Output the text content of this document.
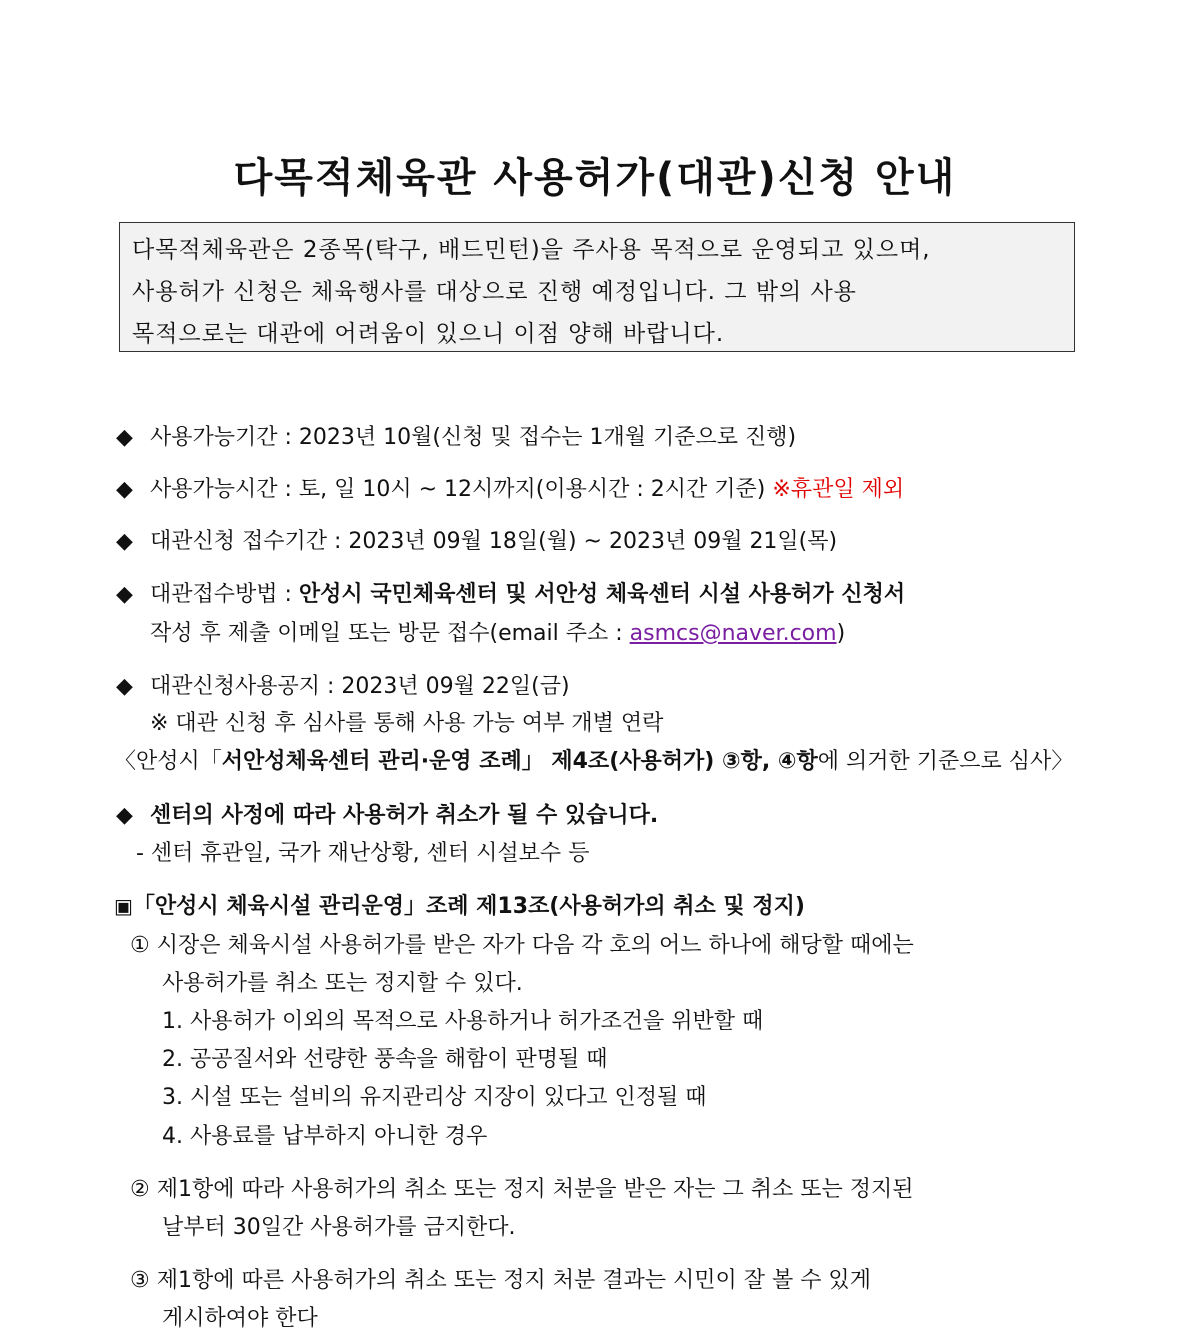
다목적체육관 사용허가(대관)신청 안내
다목적체육관은 2종목(탁구, 배드민턴)을 주사용 목적으로 운영되고 있으며,
사용허가 신청은 체육행사를 대상으로 진행 예정입니다. 그 밖의 사용
목적으로는 대관에 어려움이 있으니 이점 양해 바랍니다.
◆ 사용가능기간 : 2023년 10월(신청 및 접수는 1개월 기준으로 진행)
◆ 사용가능시간 : 토, 일 10시 ~ 12시까지(이용시간 : 2시간 기준) ※휴관일 제외
◆ 대관신청 접수기간 : 2023년 09월 18일(월) ~ 2023년 09월 21일(목)
◆ 대관접수방법 : 안성시 국민체육센터 및 서안성 체육센터 시설 사용허가 신청서
작성 후 제출 이메일 또는 방문 접수(email 주소 : asmcs@naver.com)
◆ 대관신청사용공지 : 2023년 09월 22일(금)
※ 대관 신청 후 심사를 통해 사용 가능 여부 개별 연락
〈안성시「서안성체육센터 관리·운영 조례」 제4조(사용허가) ③항, ④항에 의거한 기준으로 심사〉
◆ 센터의 사정에 따라 사용허가 취소가 될 수 있습니다.
- 센터 휴관일, 국가 재난상황, 센터 시설보수 등
▣「안성시 체육시설 관리운영」조례 제13조(사용허가의 취소 및 정지)
① 시장은 체육시설 사용허가를 받은 자가 다음 각 호의 어느 하나에 해당할 때에는
사용허가를 취소 또는 정지할 수 있다.
1. 사용허가 이외의 목적으로 사용하거나 허가조건을 위반할 때
2. 공공질서와 선량한 풍속을 해함이 판명될 때
3. 시설 또는 설비의 유지관리상 지장이 있다고 인정될 때
4. 사용료를 납부하지 아니한 경우
② 제1항에 따라 사용허가의 취소 또는 정지 처분을 받은 자는 그 취소 또는 정지된
날부터 30일간 사용허가를 금지한다.
③ 제1항에 따른 사용허가의 취소 또는 정지 처분 결과는 시민이 잘 볼 수 있게
게시하여야 한다
